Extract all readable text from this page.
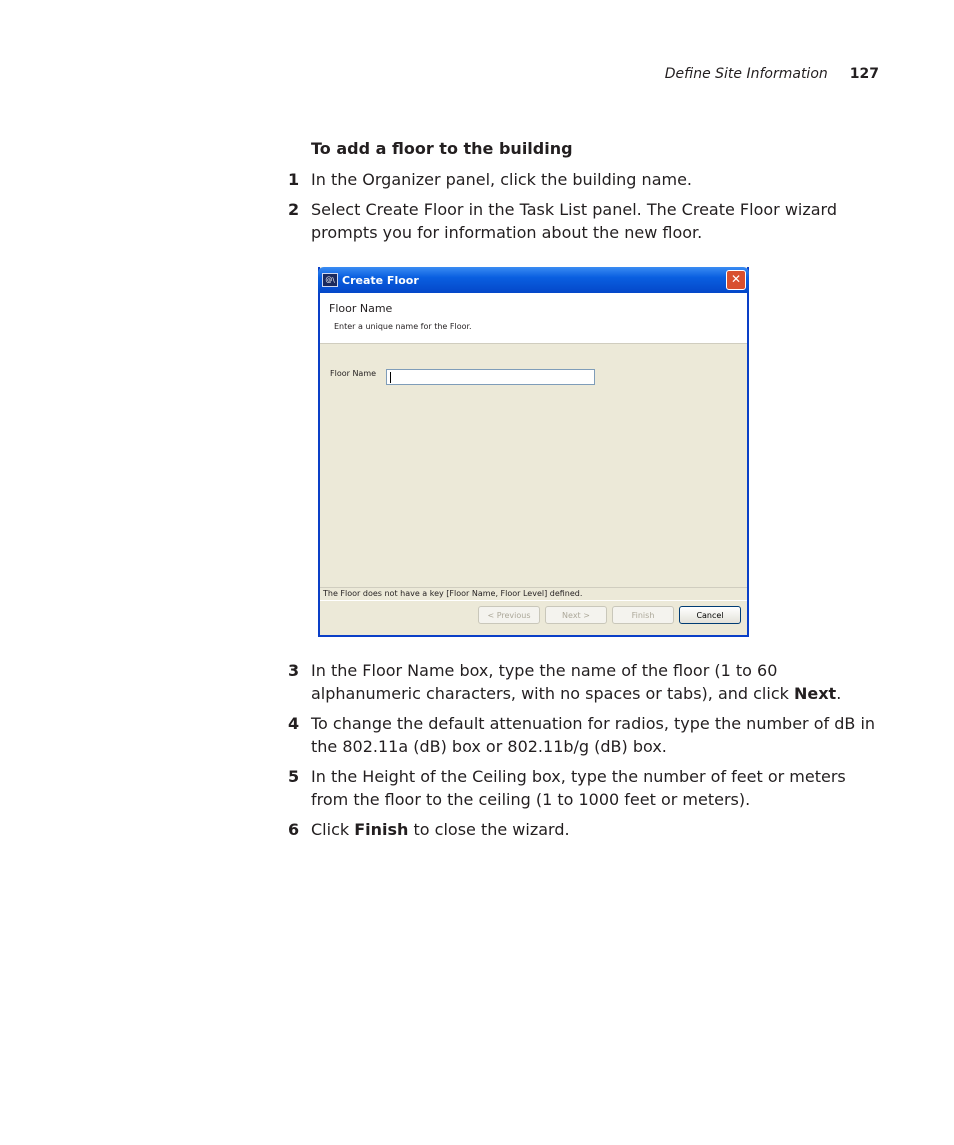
Define Site Information 127
To add a floor to the building
1 In the Organizer panel, click the building name.
2 Select Create Floor in the Task List panel. The Create Floor wizard prompts you for information about the new floor.
@\ Create Floor	✕
Floor Name
Enter a unique name for the Floor.
Floor Name
The Floor does not have a key [Floor Name, Floor Level] defined.
< Previous	Next >	Finish	Cancel
3 In the Floor Name box, type the name of the floor (1 to 60 alphanumeric characters, with no spaces or tabs), and click Next.
4 To change the default attenuation for radios, type the number of dB in the 802.11a (dB) box or 802.11b/g (dB) box.
5 In the Height of the Ceiling box, type the number of feet or meters from the floor to the ceiling (1 to 1000 feet or meters).
6 Click Finish to close the wizard.
